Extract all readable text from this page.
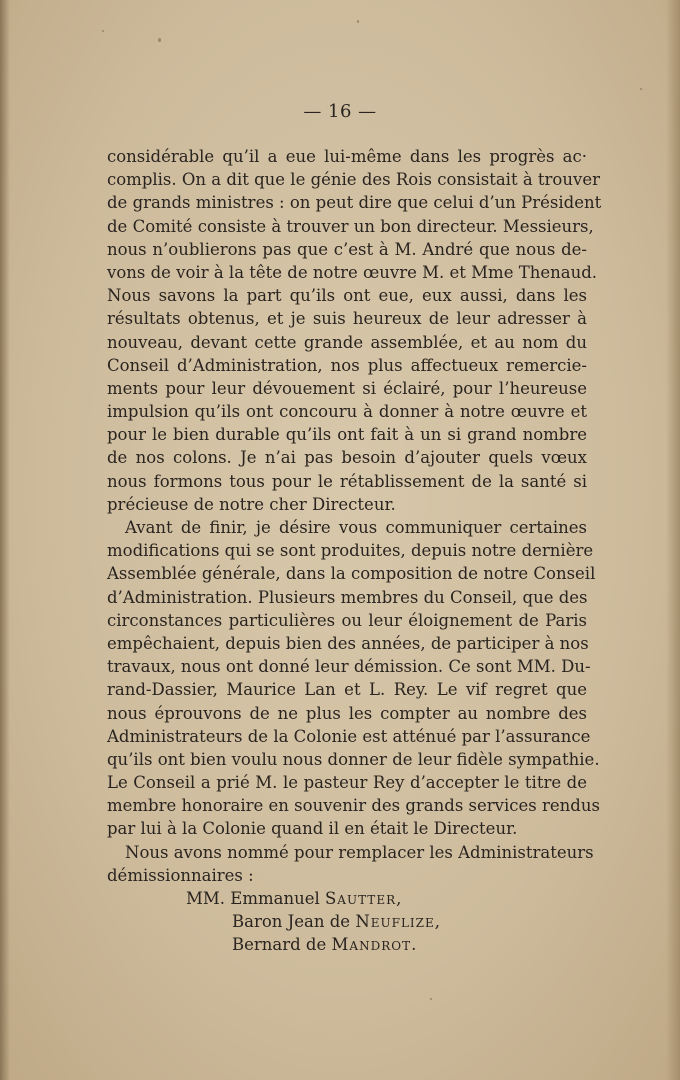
— 16 —
considérable qu’il a eue lui-même dans les progrès ac·
complis. On a dit que le génie des Rois consistait à trouver
de grands ministres : on peut dire que celui d’un Président
de Comité consiste à trouver un bon directeur. Messieurs,
nous n’oublierons pas que c’est à M. André que nous de-
vons de voir à la tête de notre œuvre M. et Mme Thenaud.
Nous savons la part qu’ils ont eue, eux aussi, dans les
résultats obtenus, et je suis heureux de leur adresser à
nouveau, devant cette grande assemblée, et au nom du
Conseil d’Administration, nos plus affectueux remercie-
ments pour leur dévouement si éclairé, pour l’heureuse
impulsion qu’ils ont concouru à donner à notre œuvre et
pour le bien durable qu’ils ont fait à un si grand nombre
de nos colons. Je n’ai pas besoin d’ajouter quels vœux
nous formons tous pour le rétablissement de la santé si
précieuse de notre cher Directeur.
Avant de finir, je désire vous communiquer certaines
modifications qui se sont produites, depuis notre dernière
Assemblée générale, dans la composition de notre Conseil
d’Administration. Plusieurs membres du Conseil, que des
circonstances particulières ou leur éloignement de Paris
empêchaient, depuis bien des années, de participer à nos
travaux, nous ont donné leur démission. Ce sont MM. Du-
rand-Dassier, Maurice Lan et L. Rey. Le vif regret que
nous éprouvons de ne plus les compter au nombre des
Administrateurs de la Colonie est atténué par l’assurance
qu’ils ont bien voulu nous donner de leur fidèle sympathie.
Le Conseil a prié M. le pasteur Rey d’accepter le titre de
membre honoraire en souvenir des grands services rendus
par lui à la Colonie quand il en était le Directeur.
Nous avons nommé pour remplacer les Administrateurs
démissionnaires :
MM. Emmanuel Sautter,
Baron Jean de Neuflize,
Bernard de Mandrot.
